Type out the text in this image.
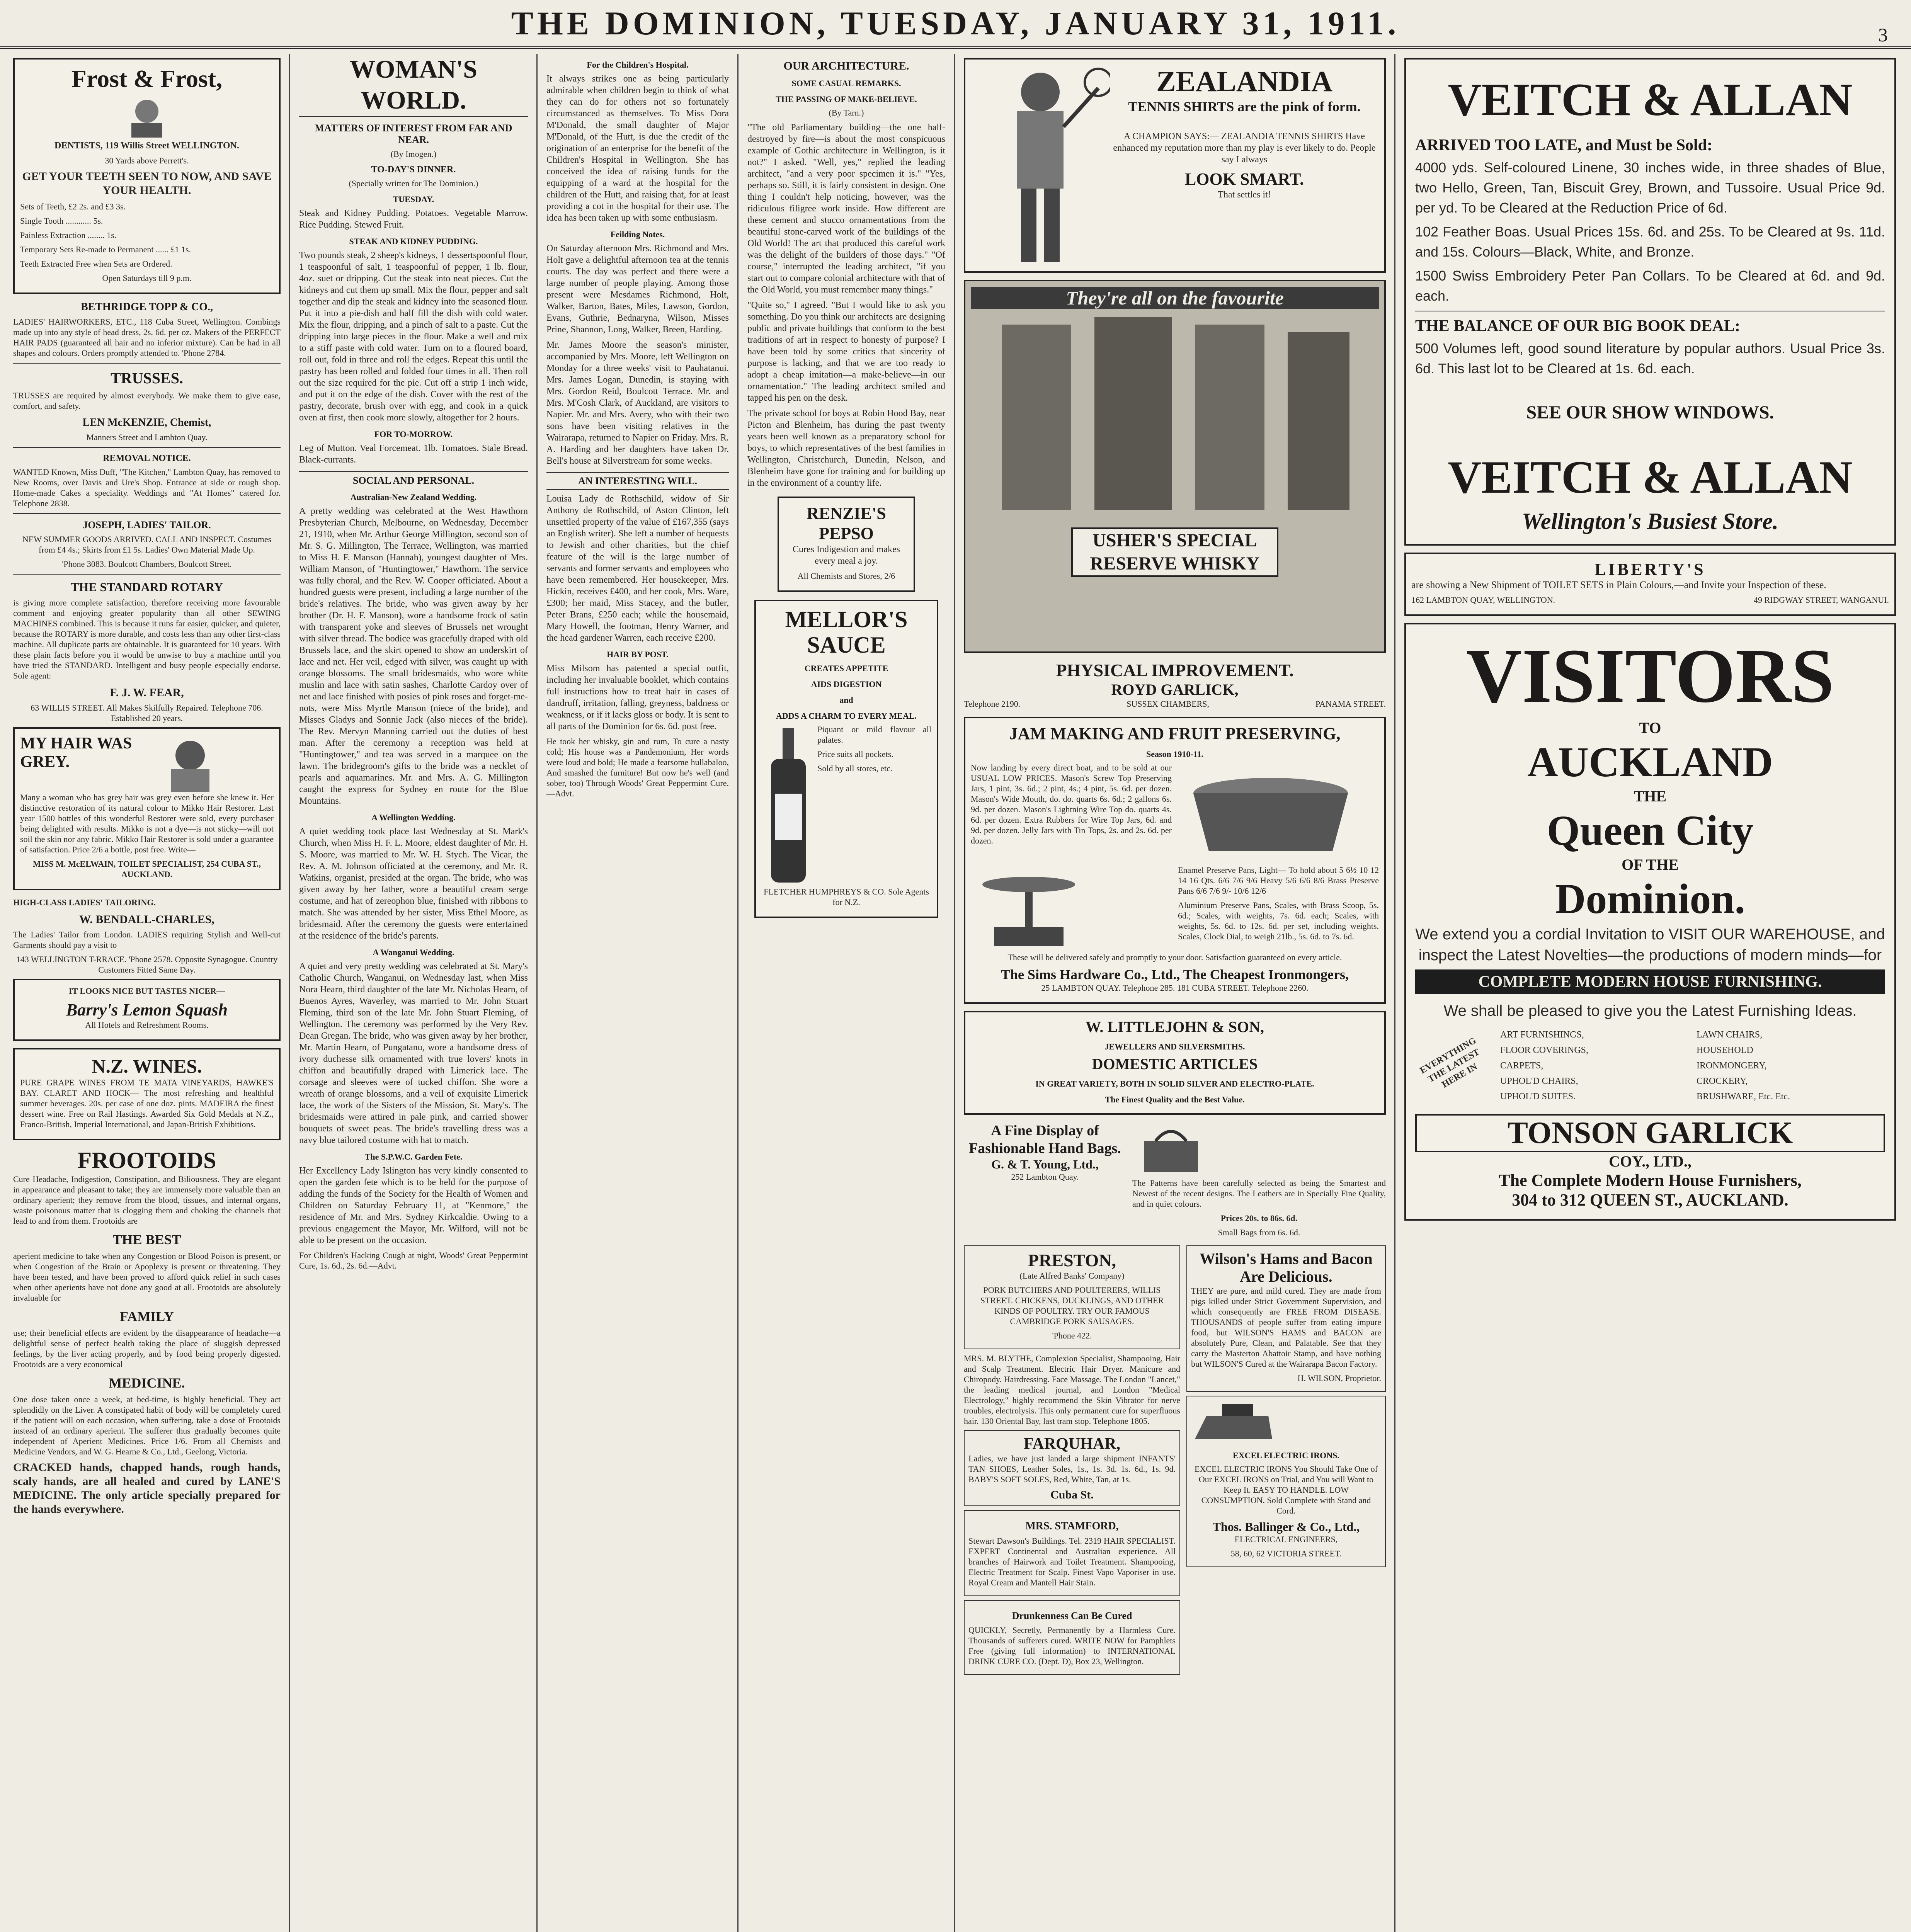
THE DOMINION, TUESDAY, JANUARY 31, 1911.	3
Frost & Frost,
DENTISTS, 119 Willis Street WELLINGTON.
30 Yards above Perrett's.
GET YOUR TEETH SEEN TO NOW, AND SAVE YOUR HEALTH.
Sets of Teeth, £2 2s. and £3 3s.
Single Tooth ............ 5s.
Painless Extraction ........ 1s.
Temporary Sets Re-made to Permanent ...... £1 1s.
Teeth Extracted Free when Sets are Ordered.
Open Saturdays till 9 p.m.
BETHRIDGE TOPP & CO.,
LADIES' HAIRWORKERS, ETC., 118 Cuba Street, Wellington. Combings made up into any style of head dress, 2s. 6d. per oz. Makers of the PERFECT HAIR PADS (guaranteed all hair and no inferior mixture). Can be had in all shapes and colours. Orders promptly attended to. 'Phone 2784.
TRUSSES.
TRUSSES are required by almost everybody. We make them to give ease, comfort, and safety.
LEN McKENZIE, Chemist,
Manners Street and Lambton Quay.
REMOVAL NOTICE.
WANTED Known, Miss Duff, "The Kitchen," Lambton Quay, has removed to New Rooms, over Davis and Ure's Shop. Entrance at side or rough shop. Home-made Cakes a speciality. Weddings and "At Homes" catered for. Telephone 2838.
JOSEPH, LADIES' TAILOR.
NEW SUMMER GOODS ARRIVED. CALL AND INSPECT. Costumes from £4 4s.; Skirts from £1 5s. Ladies' Own Material Made Up.
'Phone 3083. Boulcott Chambers, Boulcott Street.
THE STANDARD ROTARY
is giving more complete satisfaction, therefore receiving more favourable comment and enjoying greater popularity than all other SEWING MACHINES combined. This is because it runs far easier, quicker, and quieter, because the ROTARY is more durable, and costs less than any other first-class machine. All duplicate parts are obtainable. It is guaranteed for 10 years. With these plain facts before you it would be unwise to buy a machine until you have tried the STANDARD. Intelligent and busy people especially endorse. Sole agent:
F. J. W. FEAR,
63 WILLIS STREET. All Makes Skilfully Repaired. Telephone 706. Established 20 years.
MY HAIR WAS GREY.
Many a woman who has grey hair was grey even before she knew it. Her distinctive restoration of its natural colour to Mikko Hair Restorer. Last year 1500 bottles of this wonderful Restorer were sold, every purchaser being delighted with results. Mikko is not a dye—is not sticky—will not soil the skin nor any fabric. Mikko Hair Restorer is sold under a guarantee of satisfaction. Price 2/6 a bottle, post free. Write—
MISS M. McELWAIN, TOILET SPECIALIST, 254 CUBA ST., AUCKLAND.
HIGH-CLASS LADIES' TAILORING.
W. BENDALL-CHARLES,
The Ladies' Tailor from London. LADIES requiring Stylish and Well-cut Garments should pay a visit to
143 WELLINGTON T-RRACE. 'Phone 2578. Opposite Synagogue. Country Customers Fitted Same Day.
IT LOOKS NICE BUT TASTES NICER—
Barry's Lemon Squash
All Hotels and Refreshment Rooms.
N.Z. WINES.
PURE GRAPE WINES FROM TE MATA VINEYARDS, HAWKE'S BAY. CLARET AND HOCK— The most refreshing and healthful summer beverages. 20s. per case of one doz. pints. MADEIRA the finest dessert wine. Free on Rail Hastings. Awarded Six Gold Medals at N.Z., Franco-British, Imperial International, and Japan-British Exhibitions.
FROOTOIDS
Cure Headache, Indigestion, Constipation, and Biliousness. They are elegant in appearance and pleasant to take; they are immensely more valuable than an ordinary aperient; they remove from the blood, tissues, and internal organs, waste poisonous matter that is clogging them and choking the channels that lead to and from them. Frootoids are
THE BEST
aperient medicine to take when any Congestion or Blood Poison is present, or when Congestion of the Brain or Apoplexy is present or threatening. They have been tested, and have been proved to afford quick relief in such cases when other aperients have not done any good at all. Frootoids are absolutely invaluable for
FAMILY
use; their beneficial effects are evident by the disappearance of headache—a delightful sense of perfect health taking the place of sluggish depressed feelings, by the liver acting properly, and by food being properly digested. Frootoids are a very economical
MEDICINE.
One dose taken once a week, at bed-time, is highly beneficial. They act splendidly on the Liver. A constipated habit of body will be completely cured if the patient will on each occasion, when suffering, take a dose of Frootoids instead of an ordinary aperient. The sufferer thus gradually becomes quite independent of Aperient Medicines. Price 1/6. From all Chemists and Medicine Vendors, and W. G. Hearne & Co., Ltd., Geelong, Victoria.
CRACKED hands, chapped hands, rough hands, scaly hands, are all healed and cured by LANE'S MEDICINE. The only article specially prepared for the hands everywhere.
WOMAN'S WORLD.
MATTERS OF INTEREST FROM FAR AND NEAR.
(By Imogen.)
TO-DAY'S DINNER.
(Specially written for The Dominion.)
TUESDAY.
Steak and Kidney Pudding. Potatoes. Vegetable Marrow. Rice Pudding. Stewed Fruit.
STEAK AND KIDNEY PUDDING.
Two pounds steak, 2 sheep's kidneys, 1 dessertspoonful flour, 1 teaspoonful of salt, 1 teaspoonful of pepper, 1 lb. flour, 4oz. suet or dripping. Cut the steak into neat pieces. Cut the kidneys and cut them up small. Mix the flour, pepper and salt together and dip the steak and kidney into the seasoned flour. Put it into a pie-dish and half fill the dish with cold water. Mix the flour, dripping, and a pinch of salt to a paste. Cut the dripping into large pieces in the flour. Make a well and mix to a stiff paste with cold water. Turn on to a floured board, roll out, fold in three and roll the edges. Repeat this until the pastry has been rolled and folded four times in all. Then roll out the size required for the pie. Cut off a strip 1 inch wide, and put it on the edge of the dish. Cover with the rest of the pastry, decorate, brush over with egg, and cook in a quick oven at first, then cook more slowly, altogether for 2 hours.
FOR TO-MORROW.
Leg of Mutton. Veal Forcemeat. 1lb. Tomatoes. Stale Bread. Black-currants.
SOCIAL AND PERSONAL.
Australian-New Zealand Wedding.
A pretty wedding was celebrated at the West Hawthorn Presbyterian Church, Melbourne, on Wednesday, December 21, 1910, when Mr. Arthur George Millington, second son of Mr. S. G. Millington, The Terrace, Wellington, was married to Miss H. F. Manson (Hannah), youngest daughter of Mrs. William Manson, of "Huntingtower," Hawthorn. The service was fully choral, and the Rev. W. Cooper officiated. About a hundred guests were present, including a large number of the bride's relatives. The bride, who was given away by her brother (Dr. H. F. Manson), wore a handsome frock of satin with transparent yoke and sleeves of Brussels net wrought with silver thread. The bodice was gracefully draped with old Brussels lace, and the skirt opened to show an underskirt of lace and net. Her veil, edged with silver, was caught up with orange blossoms. The small bridesmaids, who wore white muslin and lace with satin sashes, Charlotte Cardoy over of net and lace finished with posies of pink roses and forget-me-nots, were Miss Myrtle Manson (niece of the bride), and Misses Gladys and Sonnie Jack (also nieces of the bride). The Rev. Mervyn Manning carried out the duties of best man. After the ceremony a reception was held at "Huntingtower," and tea was served in a marquee on the lawn. The bridegroom's gifts to the bride was a necklet of pearls and aquamarines. Mr. and Mrs. A. G. Millington caught the express for Sydney en route for the Blue Mountains.
A Wellington Wedding.
A quiet wedding took place last Wednesday at St. Mark's Church, when Miss H. F. L. Moore, eldest daughter of Mr. H. S. Moore, was married to Mr. W. H. Stych. The Vicar, the Rev. A. M. Johnson officiated at the ceremony, and Mr. R. Watkins, organist, presided at the organ. The bride, who was given away by her father, wore a beautiful cream serge costume, and hat of zereophon blue, finished with ribbons to match. She was attended by her sister, Miss Ethel Moore, as bridesmaid. After the ceremony the guests were entertained at the residence of the bride's parents.
A Wanganui Wedding.
A quiet and very pretty wedding was celebrated at St. Mary's Catholic Church, Wanganui, on Wednesday last, when Miss Nora Hearn, third daughter of the late Mr. Nicholas Hearn, of Buenos Ayres, Waverley, was married to Mr. John Stuart Fleming, third son of the late Mr. John Stuart Fleming, of Wellington. The ceremony was performed by the Very Rev. Dean Gregan. The bride, who was given away by her brother, Mr. Martin Hearn, of Pungatanu, wore a handsome dress of ivory duchesse silk ornamented with true lovers' knots in chiffon and beautifully draped with Limerick lace. The corsage and sleeves were of tucked chiffon. She wore a wreath of orange blossoms, and a veil of exquisite Limerick lace, the work of the Sisters of the Mission, St. Mary's. The bridesmaids were attired in pale pink, and carried shower bouquets of sweet peas. The bride's travelling dress was a navy blue tailored costume with hat to match.
The S.P.W.C. Garden Fete.
Her Excellency Lady Islington has very kindly consented to open the garden fete which is to be held for the purpose of adding the funds of the Society for the Health of Women and Children on Saturday February 11, at "Kenmore," the residence of Mr. and Mrs. Sydney Kirkcaldie. Owing to a previous engagement the Mayor, Mr. Wilford, will not be able to be present on the occasion.
For Children's Hacking Cough at night, Woods' Great Peppermint Cure, 1s. 6d., 2s. 6d.—Advt.
For the Children's Hospital.
It always strikes one as being particularly admirable when children begin to think of what they can do for others not so fortunately circumstanced as themselves. To Miss Dora M'Donald, the small daughter of Major M'Donald, of the Hutt, is due the credit of the origination of an enterprise for the benefit of the Children's Hospital in Wellington. She has conceived the idea of raising funds for the equipping of a ward at the hospital for the children of the Hutt, and raising that, for at least providing a cot in the hospital for their use. The idea has been taken up with some enthusiasm.
Feilding Notes.
On Saturday afternoon Mrs. Richmond and Mrs. Holt gave a delightful afternoon tea at the tennis courts. The day was perfect and there were a large number of people playing. Among those present were Mesdames Richmond, Holt, Walker, Barton, Bates, Miles, Lawson, Gordon, Evans, Guthrie, Bednaryna, Wilson, Misses Prine, Shannon, Long, Walker, Breen, Harding.
Mr. James Moore the season's minister, accompanied by Mrs. Moore, left Wellington on Monday for a three weeks' visit to Pauhatanui. Mrs. James Logan, Dunedin, is staying with Mrs. Gordon Reid, Boulcott Terrace. Mr. and Mrs. M'Cosh Clark, of Auckland, are visitors to Napier. Mr. and Mrs. Avery, who with their two sons have been visiting relatives in the Wairarapa, returned to Napier on Friday. Mrs. R. A. Harding and her daughters have taken Dr. Bell's house at Silverstream for some weeks.
AN INTERESTING WILL.
Louisa Lady de Rothschild, widow of Sir Anthony de Rothschild, of Aston Clinton, left unsettled property of the value of £167,355 (says an English writer). She left a number of bequests to Jewish and other charities, but the chief feature of the will is the large number of servants and former servants and employees who have been remembered. Her housekeeper, Mrs. Hickin, receives £400, and her cook, Mrs. Ware, £300; her maid, Miss Stacey, and the butler, Peter Brans, £250 each; while the housemaid, Mary Howell, the footman, Henry Warner, and the head gardener Warren, each receive £200.
HAIR BY POST.
Miss Milsom has patented a special outfit, including her invaluable booklet, which contains full instructions how to treat hair in cases of dandruff, irritation, falling, greyness, baldness or weakness, or if it lacks gloss or body. It is sent to all parts of the Dominion for 6s. 6d. post free.
He took her whisky, gin and rum, To cure a nasty cold; His house was a Pandemonium, Her words were loud and bold; He made a fearsome hullabaloo, And smashed the furniture! But now he's well (and sober, too) Through Woods' Great Peppermint Cure.—Advt.
OUR ARCHITECTURE.
SOME CASUAL REMARKS.
THE PASSING OF MAKE-BELIEVE.
(By Tarn.)
"The old Parliamentary building—the one half-destroyed by fire—is about the most conspicuous example of Gothic architecture in Wellington, is it not?" I asked. "Well, yes," replied the leading architect, "and a very poor specimen it is." "Yes, perhaps so. Still, it is fairly consistent in design. One thing I couldn't help noticing, however, was the ridiculous filigree work inside. How different are these cement and stucco ornamentations from the beautiful stone-carved work of the buildings of the Old World! The art that produced this careful work was the delight of the builders of those days." "Of course," interrupted the leading architect, "if you start out to compare colonial architecture with that of the Old World, you must remember many things."
"Quite so," I agreed. "But I would like to ask you something. Do you think our architects are designing public and private buildings that conform to the best traditions of art in respect to honesty of purpose? I have been told by some critics that sincerity of purpose is lacking, and that we are too ready to adopt a cheap imitation—a make-believe—in our ornamentation." The leading architect smiled and tapped his pen on the desk.
The private school for boys at Robin Hood Bay, near Picton and Blenheim, has during the past twenty years been well known as a preparatory school for boys, to which representatives of the best families in Wellington, Christchurch, Dunedin, Nelson, and Blenheim have gone for training and for building up in the environment of a country life.
RENZIE'S PEPSO
Cures Indigestion and makes every meal a joy.
All Chemists and Stores, 2/6
MELLOR'S SAUCE
CREATES APPETITE
AIDS DIGESTION
and
ADDS A CHARM TO EVERY MEAL.
Piquant or mild flavour all palates.
Price suits all pockets.
Sold by all stores, etc.
FLETCHER HUMPHREYS & CO. Sole Agents for N.Z.
ZEALANDIA
TENNIS SHIRTS are the pink of form.
A CHAMPION SAYS:— ZEALANDIA TENNIS SHIRTS Have enhanced my reputation more than my play is ever likely to do. People say I always
LOOK SMART.
That settles it!
They're all on the favourite
USHER'S SPECIAL RESERVE WHISKY
PHYSICAL IMPROVEMENT.
ROYD GARLICK,
Telephone 2190.	SUSSEX CHAMBERS,	PANAMA STREET.
JAM MAKING AND FRUIT PRESERVING,
Season 1910-11.
Now landing by every direct boat, and to be sold at our USUAL LOW PRICES. Mason's Screw Top Preserving Jars, 1 pint, 3s. 6d.; 2 pint, 4s.; 4 pint, 5s. 6d. per dozen. Mason's Wide Mouth, do. do. quarts 6s. 6d.; 2 gallons 6s. 9d. per dozen. Mason's Lightning Wire Top do. quarts 4s. 6d. per dozen. Extra Rubbers for Wire Top Jars, 6d. and 9d. per dozen. Jelly Jars with Tin Tops, 2s. and 2s. 6d. per dozen.
Enamel Preserve Pans, Light— To hold about 5 6½ 10 12 14 16 Qts. 6/6 7/6 9/6 Heavy 5/6 6/6 8/6 Brass Preserve Pans 6/6 7/6 9/- 10/6 12/6
Aluminium Preserve Pans, Scales, with Brass Scoop, 5s. 6d.; Scales, with weights, 7s. 6d. each; Scales, with weights, 5s. 6d. to 12s. 6d. per set, including weights. Scales, Clock Dial, to weigh 21lb., 5s. 6d. to 7s. 6d.
These will be delivered safely and promptly to your door. Satisfaction guaranteed on every article.
The Sims Hardware Co., Ltd., The Cheapest Ironmongers,
25 LAMBTON QUAY. Telephone 285. 181 CUBA STREET. Telephone 2260.
W. LITTLEJOHN & SON,
JEWELLERS AND SILVERSMITHS.
DOMESTIC ARTICLES
IN GREAT VARIETY, BOTH IN SOLID SILVER AND ELECTRO-PLATE.
The Finest Quality and the Best Value.
A Fine Display of Fashionable Hand Bags.
G. & T. Young, Ltd.,
252 Lambton Quay.
The Patterns have been carefully selected as being the Smartest and Newest of the recent designs. The Leathers are in Specially Fine Quality, and in quiet colours.
Prices 20s. to 86s. 6d.
Small Bags from 6s. 6d.
PRESTON,
(Late Alfred Banks' Company)
PORK BUTCHERS AND POULTERERS, WILLIS STREET. CHICKENS, DUCKLINGS, AND OTHER KINDS OF POULTRY. TRY OUR FAMOUS CAMBRIDGE PORK SAUSAGES.
'Phone 422.
MRS. M. BLYTHE, Complexion Specialist, Shampooing, Hair and Scalp Treatment. Electric Hair Dryer. Manicure and Chiropody. Hairdressing. Face Massage. The London "Lancet," the leading medical journal, and London "Medical Electrology," highly recommend the Skin Vibrator for nerve troubles, electrolysis. This only permanent cure for superfluous hair. 130 Oriental Bay, last tram stop. Telephone 1805.
FARQUHAR,
Ladies, we have just landed a large shipment INFANTS' TAN SHOES, Leather Soles, 1s., 1s. 3d. 1s. 6d., 1s. 9d. BABY'S SOFT SOLES, Red, White, Tan, at 1s.
Cuba St.
MRS. STAMFORD,
Stewart Dawson's Buildings. Tel. 2319 HAIR SPECIALIST. EXPERT Continental and Australian experience. All branches of Hairwork and Toilet Treatment. Shampooing, Electric Treatment for Scalp. Finest Vapo Vaporiser in use. Royal Cream and Mantell Hair Stain.
Drunkenness Can Be Cured
QUICKLY, Secretly, Permanently by a Harmless Cure. Thousands of sufferers cured. WRITE NOW for Pamphlets Free (giving full information) to INTERNATIONAL DRINK CURE CO. (Dept. D), Box 23, Wellington.
Wilson's Hams and Bacon Are Delicious.
THEY are pure, and mild cured. They are made from pigs killed under Strict Government Supervision, and which consequently are FREE FROM DISEASE. THOUSANDS of people suffer from eating impure food, but WILSON'S HAMS and BACON are absolutely Pure, Clean, and Palatable. See that they carry the Masterton Abattoir Stamp, and have nothing but WILSON'S Cured at the Wairarapa Bacon Factory.
H. WILSON, Proprietor.
EXCEL ELECTRIC IRONS.
EXCEL ELECTRIC IRONS You Should Take One of Our EXCEL IRONS on Trial, and You will Want to Keep It. EASY TO HANDLE. LOW CONSUMPTION. Sold Complete with Stand and Cord.
Thos. Ballinger & Co., Ltd.,
ELECTRICAL ENGINEERS,
58, 60, 62 VICTORIA STREET.
VEITCH & ALLAN
ARRIVED TOO LATE, and Must be Sold:
4000 yds. Self-coloured Linene, 30 inches wide, in three shades of Blue, two Hello, Green, Tan, Biscuit Grey, Brown, and Tussoire. Usual Price 9d. per yd. To be Cleared at the Reduction Price of 6d.
102 Feather Boas. Usual Prices 15s. 6d. and 25s. To be Cleared at 9s. 11d. and 15s. Colours—Black, White, and Bronze.
1500 Swiss Embroidery Peter Pan Collars. To be Cleared at 6d. and 9d. each.
THE BALANCE OF OUR BIG BOOK DEAL:
500 Volumes left, good sound literature by popular authors. Usual Price 3s. 6d. This last lot to be Cleared at 1s. 6d. each.
SEE OUR SHOW WINDOWS.
VEITCH & ALLAN
Wellington's Busiest Store.
LIBERTY'S
are showing a New Shipment of TOILET SETS in Plain Colours,—and Invite your Inspection of these.
162 LAMBTON QUAY, WELLINGTON.	49 RIDGWAY STREET, WANGANUI.
VISITORS
TO
AUCKLAND
THE
Queen City
OF THE
Dominion.
We extend you a cordial Invitation to VISIT OUR WAREHOUSE, and inspect the Latest Novelties—the productions of modern minds—for
COMPLETE MODERN HOUSE FURNISHING.
We shall be pleased to give you the Latest Furnishing Ideas.
EVERYTHING THE LATEST HERE IN
ART FURNISHINGS,
FLOOR COVERINGS,
CARPETS,
UPHOL'D CHAIRS,
UPHOL'D SUITES.
LAWN CHAIRS,
HOUSEHOLD
IRONMONGERY,
CROCKERY,
BRUSHWARE, Etc. Etc.
TONSON GARLICK
COY., LTD.,
The Complete Modern House Furnishers,
304 to 312 QUEEN ST., AUCKLAND.
